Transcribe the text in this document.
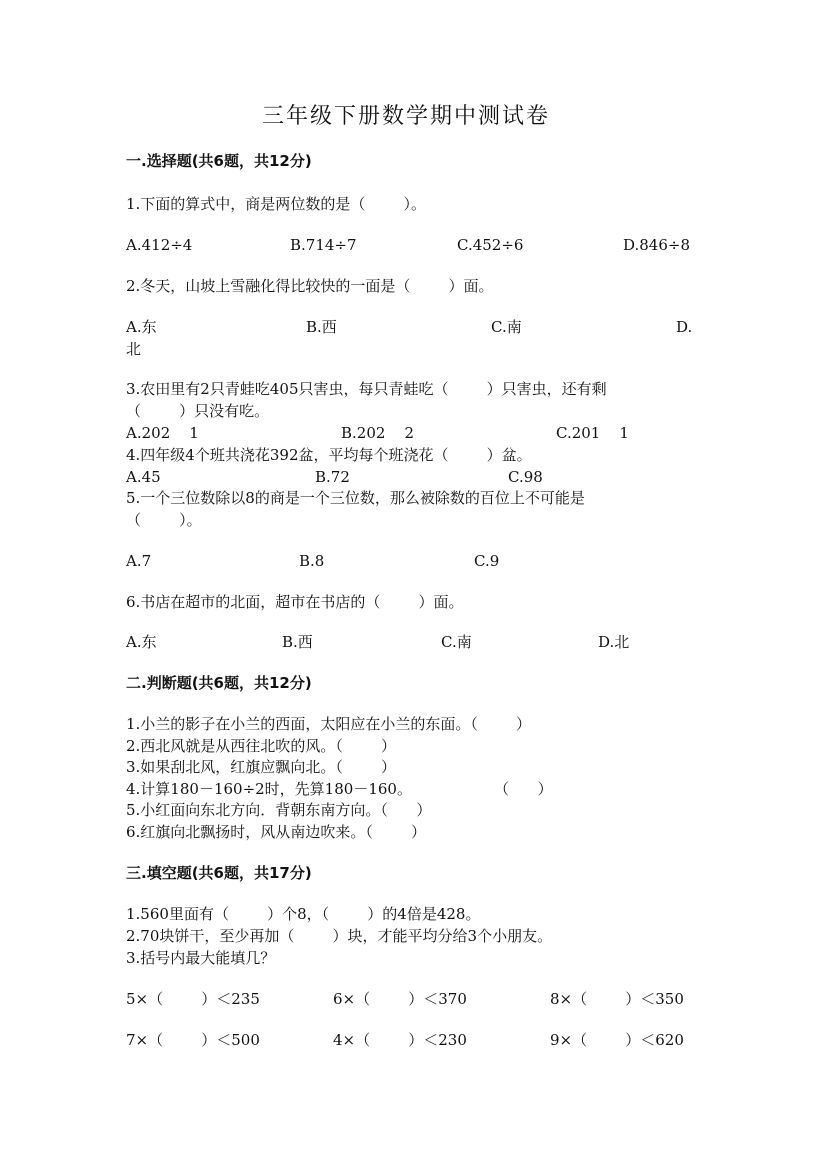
三年级下册数学期中测试卷
一.选择题(共6题，共12分)
1.下面的算式中，商是两位数的是（        ）。
A.412÷4	B.714÷7	C.452÷6	D.846÷8
2.冬天，山坡上雪融化得比较快的一面是（        ）面。
A.东	B.西	C.南	D.
北
3.农田里有2只青蛙吃405只害虫，每只青蛙吃（        ）只害虫，还有剩
（        ）只没有吃。
A.202    1	B.202    2	C.201    1
4.四年级4个班共浇花392盆，平均每个班浇花（        ）盆。
A.45	B.72	C.98
5.一个三位数除以8的商是一个三位数，那么被除数的百位上不可能是
（        ）。
A.7	B.8	C.9
6.书店在超市的北面，超市在书店的（        ）面。
A.东	B.西	C.南	D.北
二.判断题(共6题，共12分)
1.小兰的影子在小兰的西面，太阳应在小兰的东面。（        ）
2.西北风就是从西往北吹的风。（        ）
3.如果刮北风，红旗应飘向北。（        ）
4.计算180－160÷2时，先算180－160。	（      ）
5.小红面向东北方向．背朝东南方向。（      ）
6.红旗向北飘扬时，风从南边吹来。（        ）
三.填空题(共6题，共17分)
1.560里面有（        ）个8，（        ）的4倍是428。
2.70块饼干，至少再加（        ）块，才能平均分给3个小朋友。
3.括号内最大能填几？
5×（        ）＜235	6×（        ）＜370	8×（        ）＜350
7×（        ）＜500	4×（        ）＜230	9×（        ）＜620
